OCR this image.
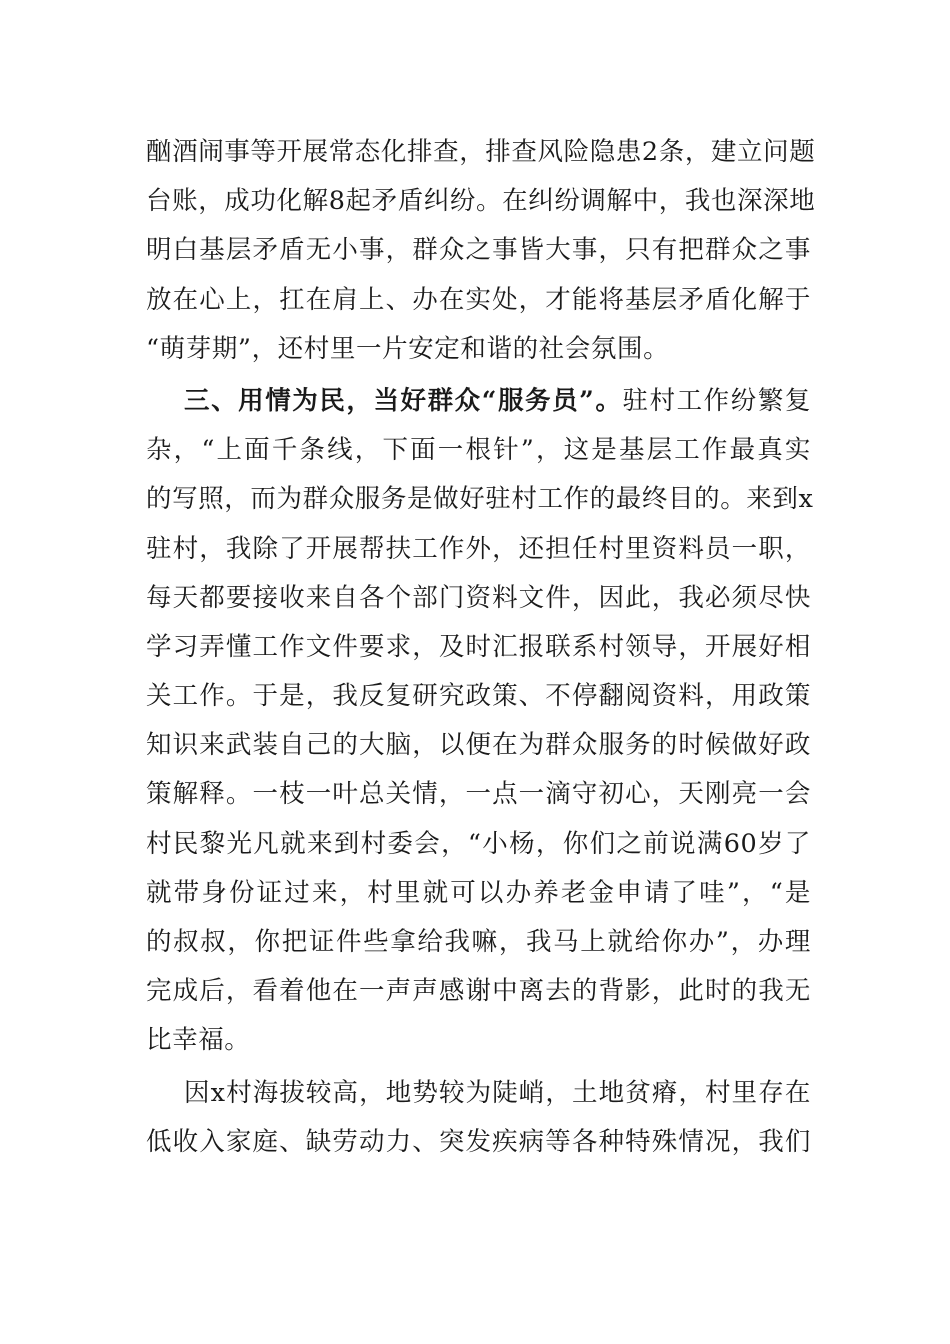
酗酒闹事等开展常态化排查，排查风险隐患2条，建立问题
台账，成功化解8起矛盾纠纷。在纠纷调解中，我也深深地
明白基层矛盾无小事，群众之事皆大事，只有把群众之事
放在心上，扛在肩上、办在实处，才能将基层矛盾化解于
“萌芽期”，还村里一片安定和谐的社会氛围。
三、用情为民，当好群众“服务员”。驻村工作纷繁复
杂，“上面千条线，下面一根针”，这是基层工作最真实
的写照，而为群众服务是做好驻村工作的最终目的。来到x
驻村，我除了开展帮扶工作外，还担任村里资料员一职，
每天都要接收来自各个部门资料文件，因此，我必须尽快
学习弄懂工作文件要求，及时汇报联系村领导，开展好相
关工作。于是，我反复研究政策、不停翻阅资料，用政策
知识来武装自己的大脑，以便在为群众服务的时候做好政
策解释。一枝一叶总关情，一点一滴守初心，天刚亮一会
村民黎光凡就来到村委会，“小杨，你们之前说满60岁了
就带身份证过来，村里就可以办养老金申请了哇”，“是
的叔叔，你把证件些拿给我嘛，我马上就给你办”，办理
完成后，看着他在一声声感谢中离去的背影，此时的我无
比幸福。
因x村海拔较高，地势较为陡峭，土地贫瘠，村里存在
低收入家庭、缺劳动力、突发疾病等各种特殊情况，我们
